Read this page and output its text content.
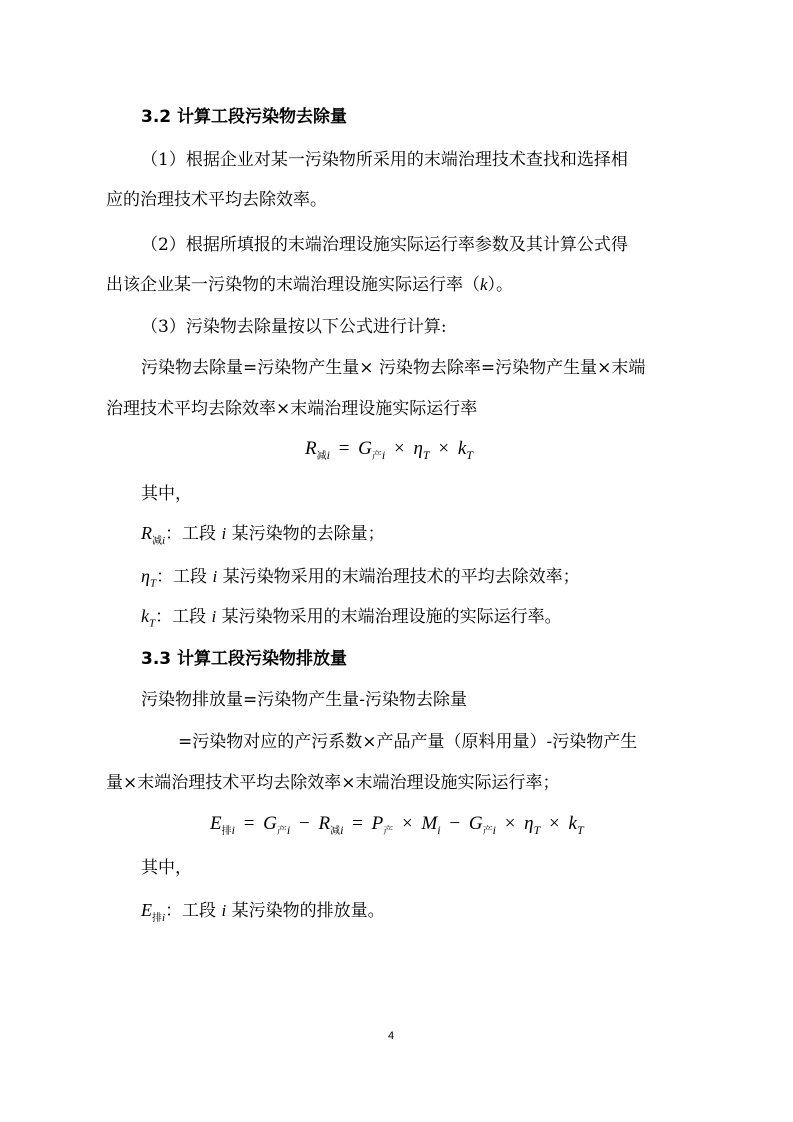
3.2 计算工段污染物去除量
（1）根据企业对某一污染物所采用的末端治理技术查找和选择相
应的治理技术平均去除效率。
（2）根据所填报的末端治理设施实际运行率参数及其计算公式得
出该企业某一污染物的末端治理设施实际运行率（k）。
（3）污染物去除量按以下公式进行计算:
污染物去除量=污染物产生量× 污染物去除率=污染物产生量×末端
治理技术平均去除效率×末端治理设施实际运行率
$R_{减i} = G_{产i} \times \eta_T \times k_T$
其中，
$R_{减i}$：工段 i 某污染物的去除量；
$\eta_T$：工段 i 某污染物采用的末端治理技术的平均去除效率；
$k_T$：工段 i 某污染物采用的末端治理设施的实际运行率。
3.3 计算工段污染物排放量
污染物排放量=污染物产生量-污染物去除量
=污染物对应的产污系数×产品产量（原料用量）-污染物产生
量×末端治理技术平均去除效率×末端治理设施实际运行率；
$E_{排i} = G_{产i} - R_{减i} = P_产 \times M_i - G_{产i} \times \eta_T \times k_T$
其中，
$E_{排i}$：工段 i 某污染物的排放量。
4
